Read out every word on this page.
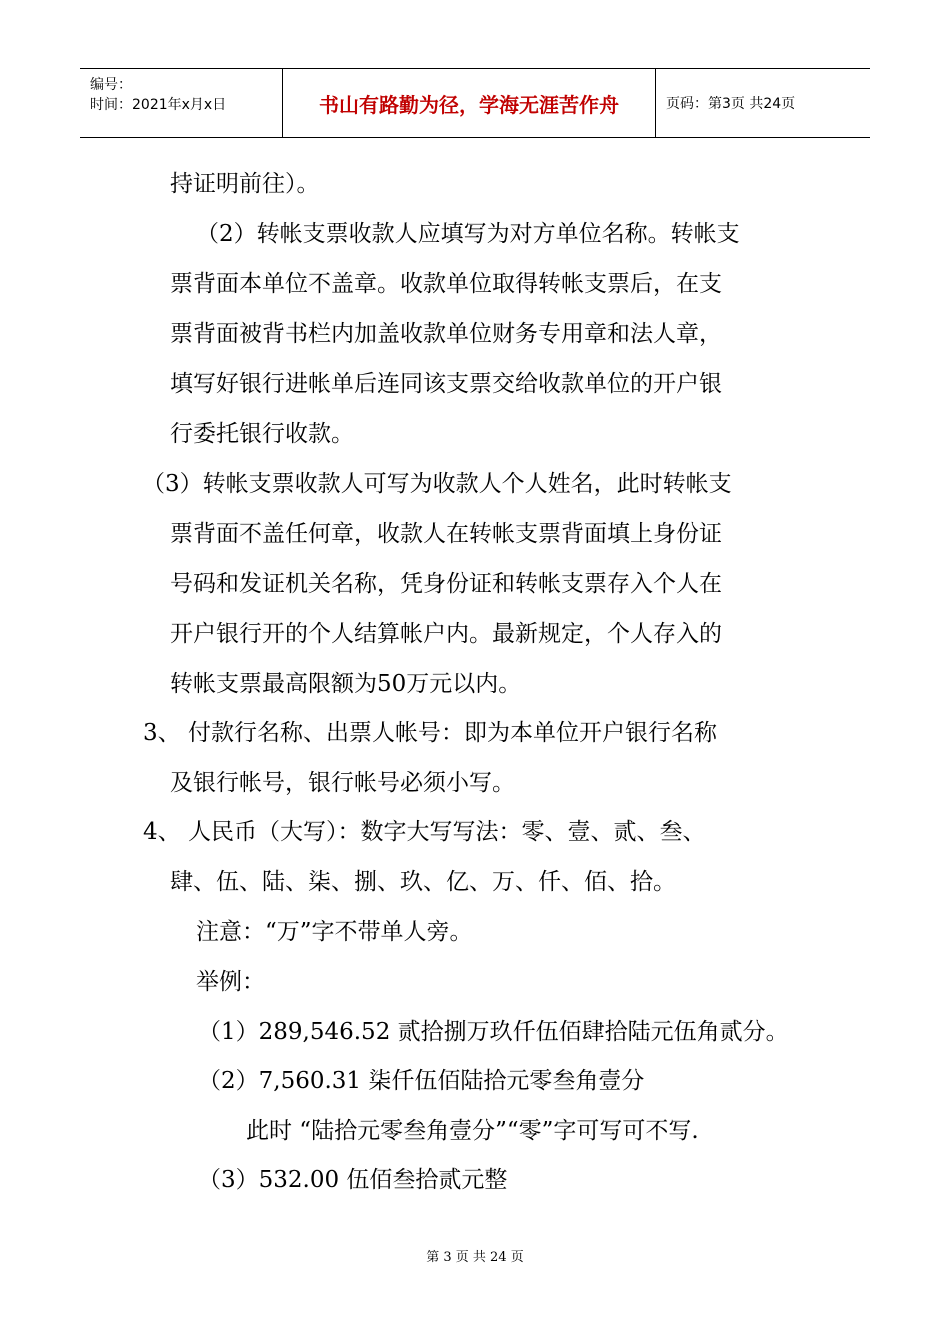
编号：
时间：2021年x月x日	书山有路勤为径，学海无涯苦作舟	页码：第3页 共24页
持证明前往）。
（2）转帐支票收款人应填写为对方单位名称。转帐支
票背面本单位不盖章。收款单位取得转帐支票后，在支
票背面被背书栏内加盖收款单位财务专用章和法人章，
填写好银行进帐单后连同该支票交给收款单位的开户银
行委托银行收款。
（3）转帐支票收款人可写为收款人个人姓名，此时转帐支
票背面不盖任何章，收款人在转帐支票背面填上身份证
号码和发证机关名称，凭身份证和转帐支票存入个人在
开户银行开的个人结算帐户内。最新规定，个人存入的
转帐支票最高限额为50万元以内。
3、 付款行名称、出票人帐号：即为本单位开户银行名称
及银行帐号，银行帐号必须小写。
4、 人民币（大写）：数字大写写法：零、壹、贰、叁、
肆、伍、陆、柒、捌、玖、亿、万、仟、佰、拾。
注意：“万”字不带单人旁。
举例：
（1）289,546.52 贰拾捌万玖仟伍佰肆拾陆元伍角贰分。
（2）7,560.31 柒仟伍佰陆拾元零叁角壹分
此时 “陆拾元零叁角壹分”“零”字可写可不写.
（3）532.00 伍佰叁拾贰元整
第 3 页 共 24 页
